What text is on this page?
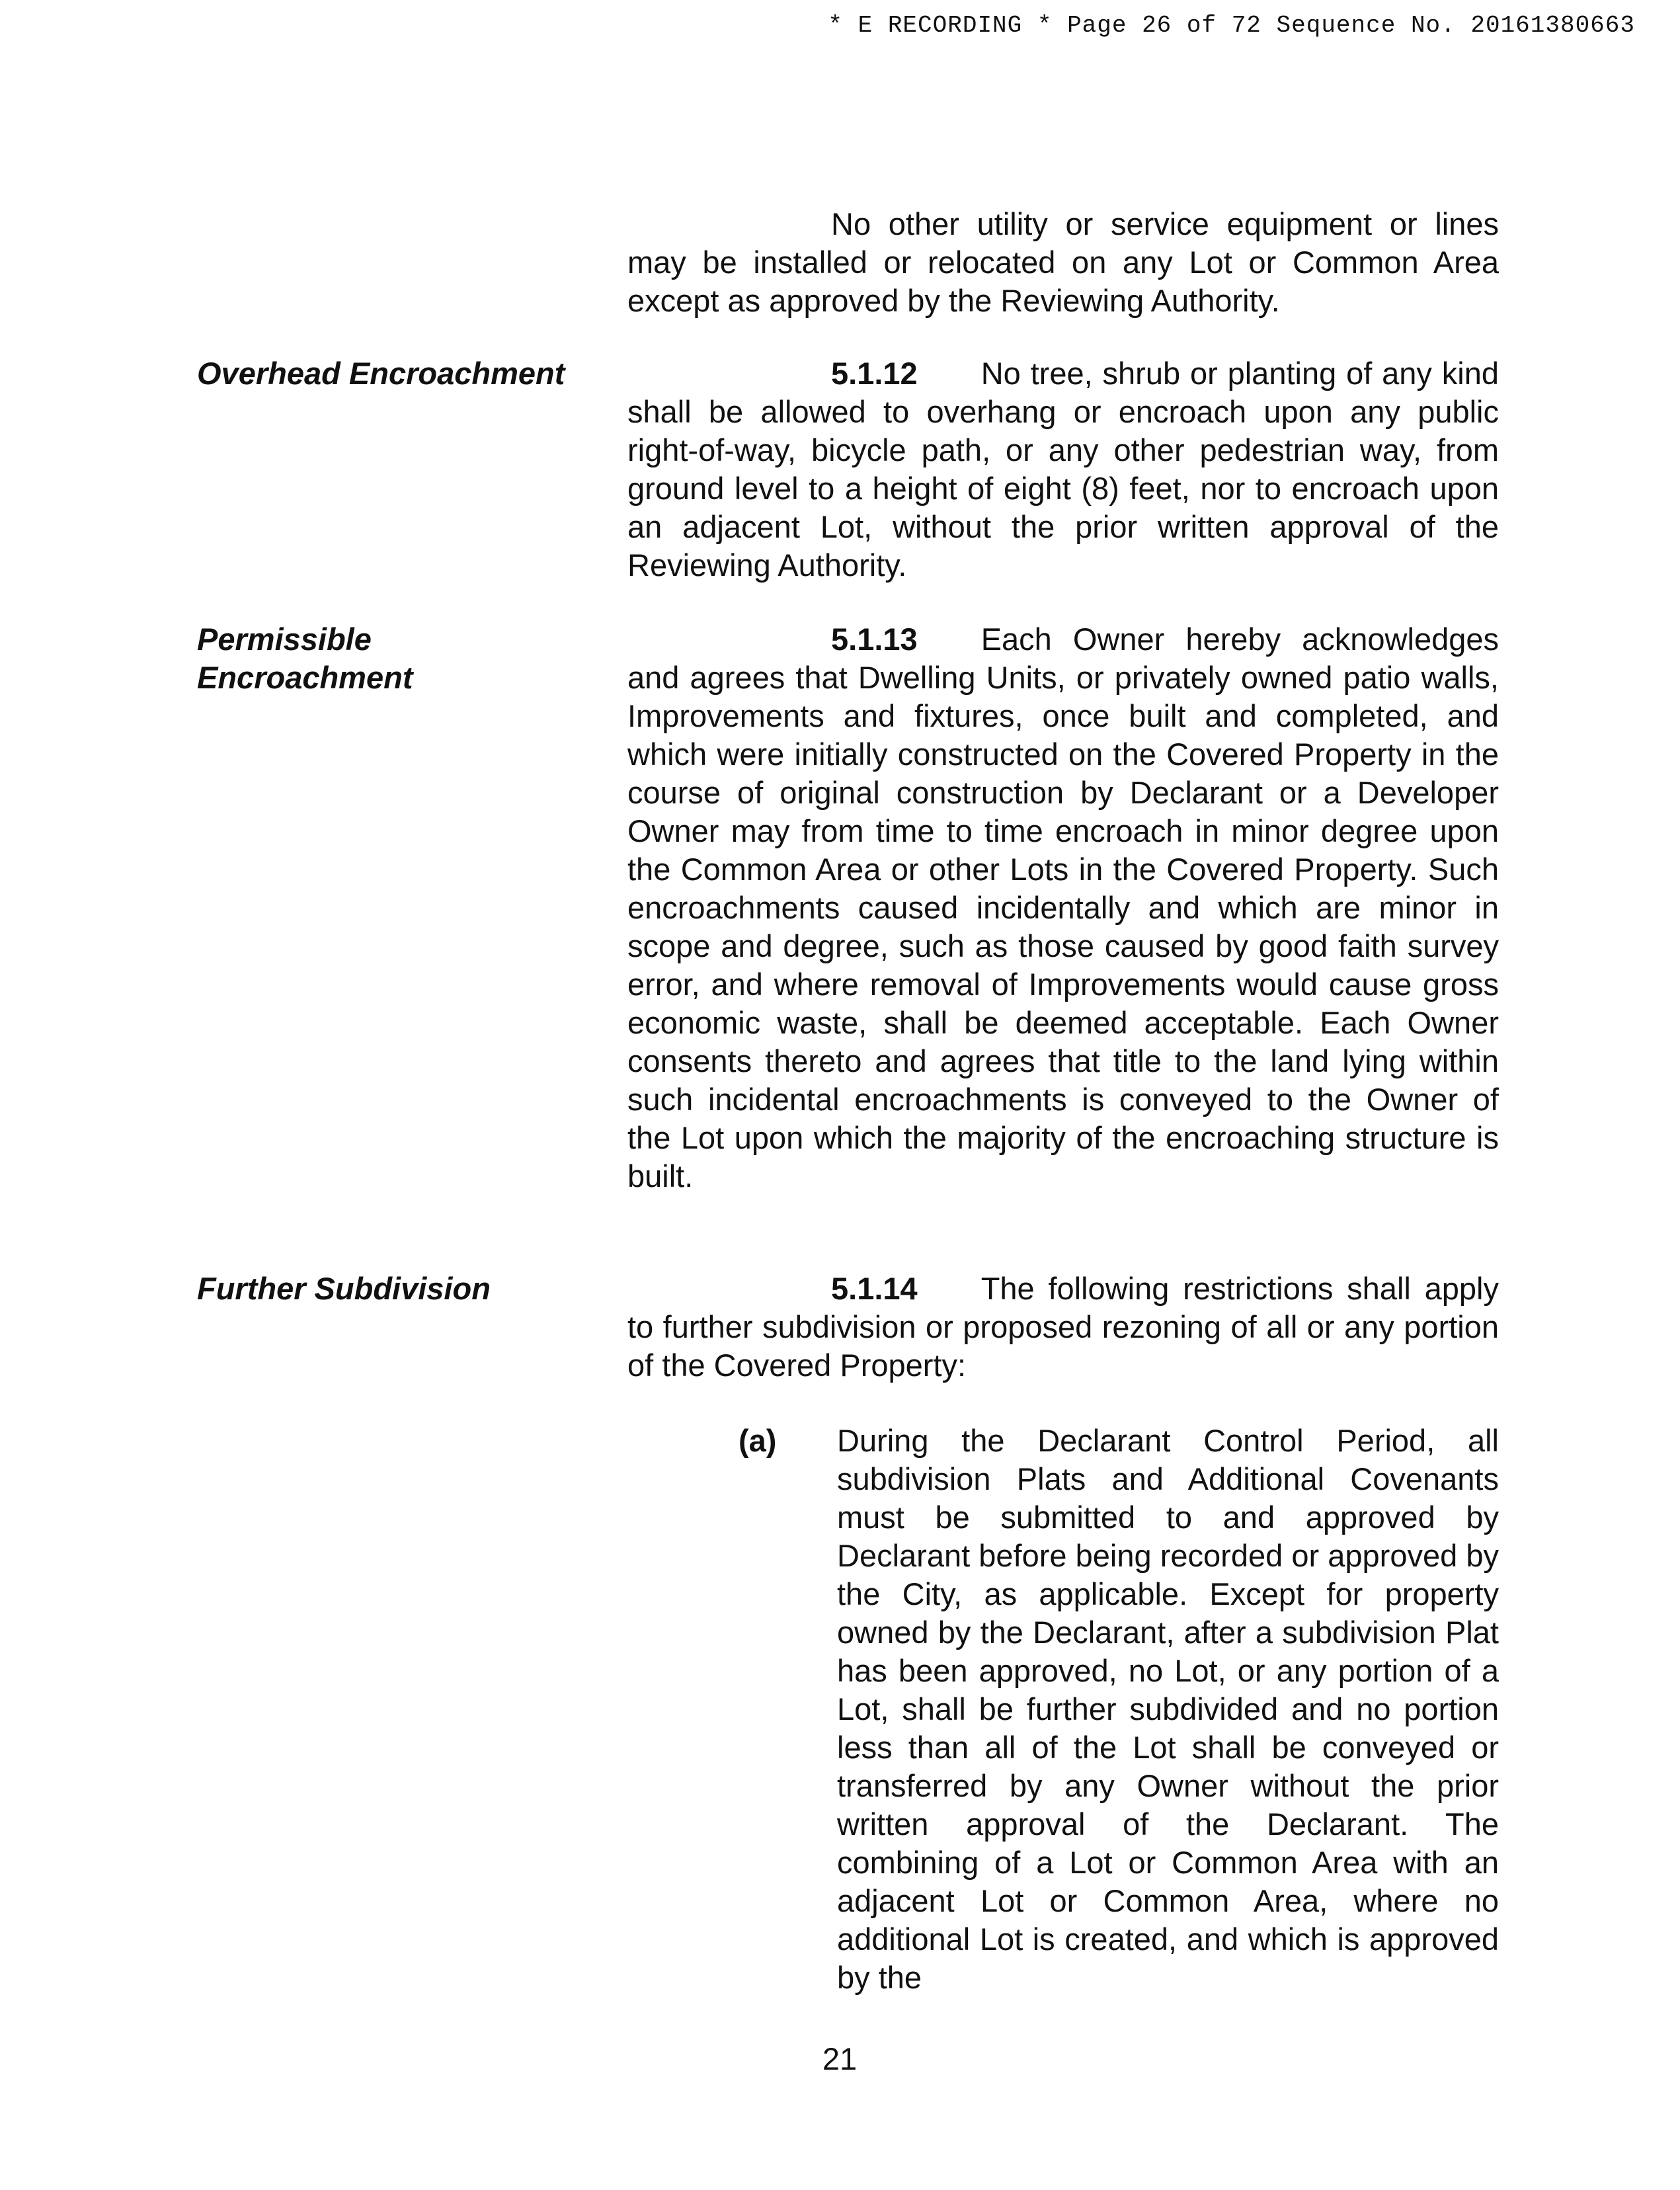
* E RECORDING * Page 26 of 72 Sequence No. 20161380663
No other utility or service equipment or lines may be installed or relocated on any Lot or Common Area except as approved by the Reviewing Authority.
Overhead Encroachment	5.1.12 No tree, shrub or planting of any kind shall be allowed to overhang or encroach upon any public right-of-way, bicycle path, or any other pedestrian way, from ground level to a height of eight (8) feet, nor to encroach upon an adjacent Lot, without the prior written approval of the Reviewing Authority.
Permissible
Encroachment
5.1.13 Each Owner hereby acknowledges and agrees that Dwelling Units, or privately owned patio walls, Improvements and fixtures, once built and completed, and which were initially constructed on the Covered Property in the course of original construction by Declarant or a Developer Owner may from time to time encroach in minor degree upon the Common Area or other Lots in the Covered Property. Such encroachments caused incidentally and which are minor in scope and degree, such as those caused by good faith survey error, and where removal of Improvements would cause gross economic waste, shall be deemed acceptable. Each Owner consents thereto and agrees that title to the land lying within such incidental encroachments is conveyed to the Owner of the Lot upon which the majority of the encroaching structure is built.
Further Subdivision	5.1.14 The following restrictions shall apply to further subdivision or proposed rezoning of all or any portion of the Covered Property:
(a) During the Declarant Control Period, all subdivision Plats and Additional Covenants must be submitted to and approved by Declarant before being recorded or approved by the City, as applicable. Except for property owned by the Declarant, after a subdivision Plat has been approved, no Lot, or any portion of a Lot, shall be further subdivided and no portion less than all of the Lot shall be conveyed or transferred by any Owner without the prior written approval of the Declarant. The combining of a Lot or Common Area with an adjacent Lot or Common Area, where no additional Lot is created, and which is approved by the
21
